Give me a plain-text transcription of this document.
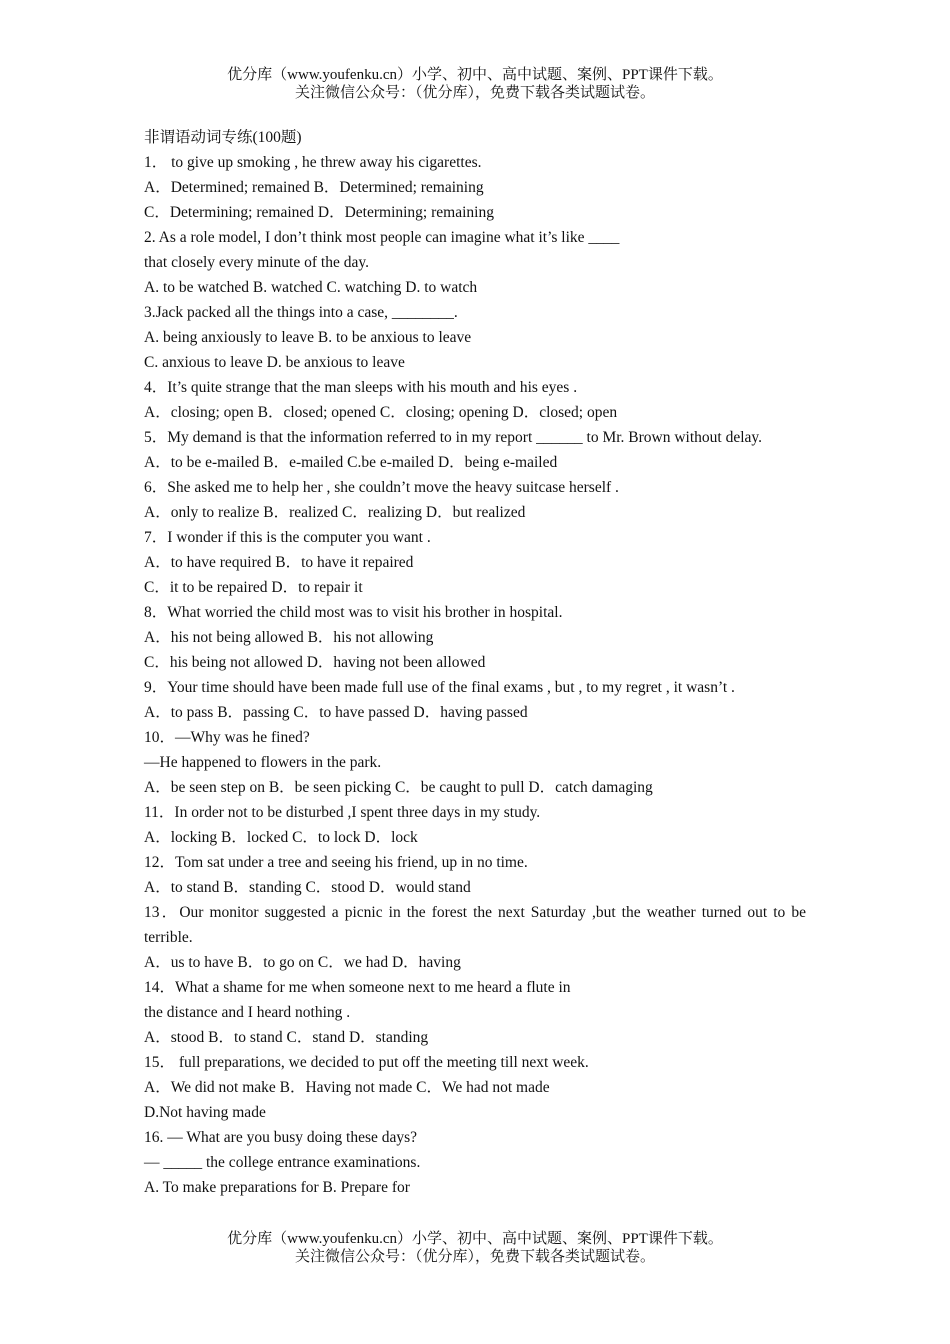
优分库（www.youfenku.cn）小学、初中、高中试题、案例、PPT课件下载。
关注微信公众号：（优分库），免费下载各类试题试卷。
非谓语动词专练(100题)
1． to give up smoking , he threw away his cigarettes.
A．Determined; remained B．Determined; remaining
C．Determining; remained D．Determining; remaining
2. As a role model, I don’t think most people can imagine what it’s like ____
that closely every minute of the day.
A. to be watched B. watched C. watching D. to watch
3.Jack packed all the things into a case, ________.
A. being anxiously to leave B. to be anxious to leave
C. anxious to leave D. be anxious to leave
4．It’s quite strange that the man sleeps with his mouth and his eyes .
A．closing; open B．closed; opened C．closing; opening D．closed; open
5．My demand is that the information referred to in my report ______ to Mr. Brown without delay.
A．to be e-mailed B．e-mailed C.be e-mailed D．being e-mailed
6．She asked me to help her , she couldn’t move the heavy suitcase herself .
A．only to realize B．realized C．realizing D．but realized
7．I wonder if this is the computer you want .
A．to have required B．to have it repaired
C．it to be repaired D．to repair it
8．What worried the child most was to visit his brother in hospital.
A．his not being allowed B．his not allowing
C．his being not allowed D．having not been allowed
9．Your time should have been made full use of the final exams , but , to my regret , it wasn’t .
A．to pass B．passing C．to have passed D．having passed
10．—Why was he fined?
—He happened to flowers in the park.
A．be seen step on B．be seen picking C．be caught to pull D．catch damaging
11．In order not to be disturbed ,I spent three days in my study.
A．locking B．locked C．to lock D．lock
12．Tom sat under a tree and seeing his friend, up in no time.
A．to stand B．standing C．stood D．would stand
13．Our monitor suggested a picnic in the forest the next Saturday ,but the weather turned out to be terrible.
A．us to have B．to go on C．we had D．having
14．What a shame for me when someone next to me heard a flute in
the distance and I heard nothing .
A．stood B．to stand C．stand D．standing
15． full preparations, we decided to put off the meeting till next week.
A．We did not make B．Having not made C．We had not made
D.Not having made
16. — What are you busy doing these days?
— _____ the college entrance examinations.
A. To make preparations for B. Prepare for
优分库（www.youfenku.cn）小学、初中、高中试题、案例、PPT课件下载。
关注微信公众号：（优分库），免费下载各类试题试卷。
